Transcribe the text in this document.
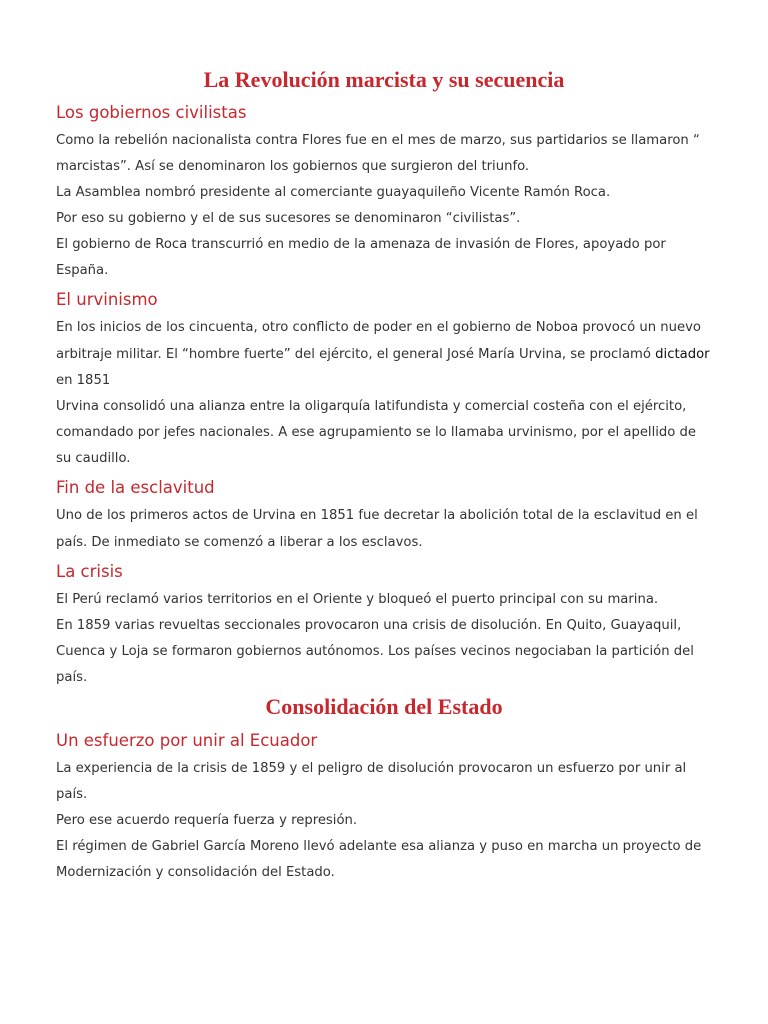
La Revolución marcista y su secuencia
Los gobiernos civilistas

Como la rebelión nacionalista contra Flores fue en el mes de marzo, sus partidarios se llamaron “

marcistas”. Así se denominaron los gobiernos que surgieron del triunfo.

La Asamblea nombró presidente al comerciante guayaquileño Vicente Ramón Roca.

Por eso su gobierno y el de sus sucesores se denominaron “civilistas”.

El gobierno de Roca transcurrió en medio de la amenaza de invasión de Flores, apoyado por

España.

El urvinismo

En los inicios de los cincuenta, otro conflicto de poder en el gobierno de Noboa provocó un nuevo

arbitraje militar. El “hombre fuerte” del ejército, el general José María Urvina, se proclamó dictador

en 1851

Urvina consolidó una alianza entre la oligarquía latifundista y comercial costeña con el ejército,

comandado por jefes nacionales. A ese agrupamiento se lo llamaba urvinismo, por el apellido de

su caudillo.

Fin de la esclavitud

Uno de los primeros actos de Urvina en 1851 fue decretar la abolición total de la esclavitud en el

país. De inmediato se comenzó a liberar a los esclavos.

La crisis

El Perú reclamó varios territorios en el Oriente y bloqueó el puerto principal con su marina.

En 1859 varias revueltas seccionales provocaron una crisis de disolución. En Quito, Guayaquil,

Cuenca y Loja se formaron gobiernos autónomos. Los países vecinos negociaban la partición del

país.

Consolidación del Estado
Un esfuerzo por unir al Ecuador

La experiencia de la crisis de 1859 y el peligro de disolución provocaron un esfuerzo por unir al

país.

Pero ese acuerdo requería fuerza y represión.

El régimen de Gabriel García Moreno llevó adelante esa alianza y puso en marcha un proyecto de

Modernización y consolidación del Estado.
